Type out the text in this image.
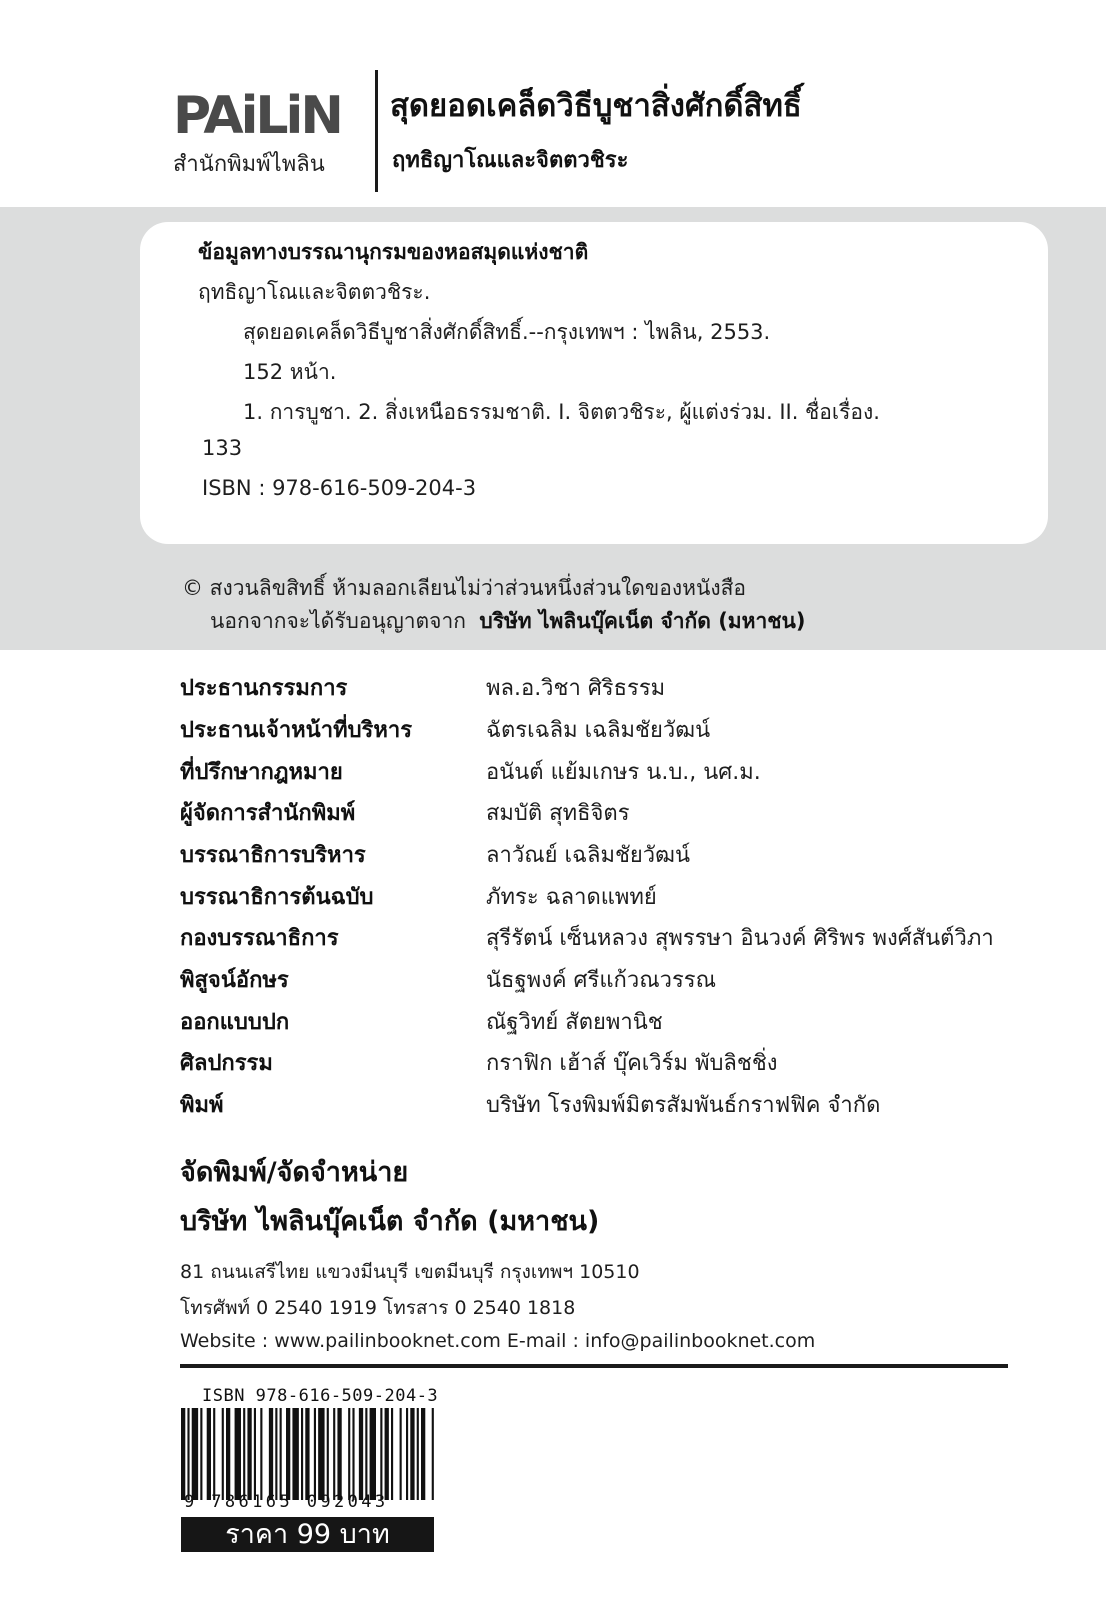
PAiLiN
สำนักพิมพ์ไพลิน
สุดยอดเคล็ดวิธีบูชาสิ่งศักดิ์สิทธิ์
ฤทธิญาโณและจิตตวชิระ
ข้อมูลทางบรรณานุกรมของหอสมุดแห่งชาติ
ฤทธิญาโณและจิตตวชิระ.
สุดยอดเคล็ดวิธีบูชาสิ่งศักดิ์สิทธิ์.--กรุงเทพฯ : ไพลิน, 2553.
152 หน้า.
1. การบูชา. 2. สิ่งเหนือธรรมชาติ. I. จิตตวชิระ, ผู้แต่งร่วม. II. ชื่อเรื่อง.
133
ISBN : 978-616-509-204-3
© สงวนลิขสิทธิ์ ห้ามลอกเลียนไม่ว่าส่วนหนึ่งส่วนใดของหนังสือ
นอกจากจะได้รับอนุญาตจาก บริษัท ไพลินบุ๊คเน็ต จำกัด (มหาชน)
ประธานกรรมการ	พล.อ.วิชา ศิริธรรม
ประธานเจ้าหน้าที่บริหาร	ฉัตรเฉลิม เฉลิมชัยวัฒน์
ที่ปรึกษากฎหมาย	อนันต์ แย้มเกษร น.บ., นศ.ม.
ผู้จัดการสำนักพิมพ์	สมบัติ สุทธิจิตร
บรรณาธิการบริหาร	ลาวัณย์ เฉลิมชัยวัฒน์
บรรณาธิการต้นฉบับ	ภัทระ ฉลาดแพทย์
กองบรรณาธิการ	สุรีรัตน์ เซ็นหลวง สุพรรษา อินวงค์ ศิริพร พงศ์สันต์วิภา
พิสูจน์อักษร	นัธฐพงค์ ศรีแก้วณวรรณ
ออกแบบปก	ณัฐวิทย์ สัตยพานิช
ศิลปกรรม	กราฟิก เฮ้าส์ บุ๊คเวิร์ม พับลิชชิ่ง
พิมพ์	บริษัท โรงพิมพ์มิตรสัมพันธ์กราฟฟิค จำกัด
จัดพิมพ์/จัดจำหน่าย
บริษัท ไพลินบุ๊คเน็ต จำกัด (มหาชน)
81 ถนนเสรีไทย แขวงมีนบุรี เขตมีนบุรี กรุงเทพฯ 10510
โทรศัพท์ 0 2540 1919 โทรสาร 0 2540 1818
Website : www.pailinbooknet.com E-mail : info@pailinbooknet.com
ISBN 978-616-509-204-3
9 786165 092043
ราคา 99 บาท
